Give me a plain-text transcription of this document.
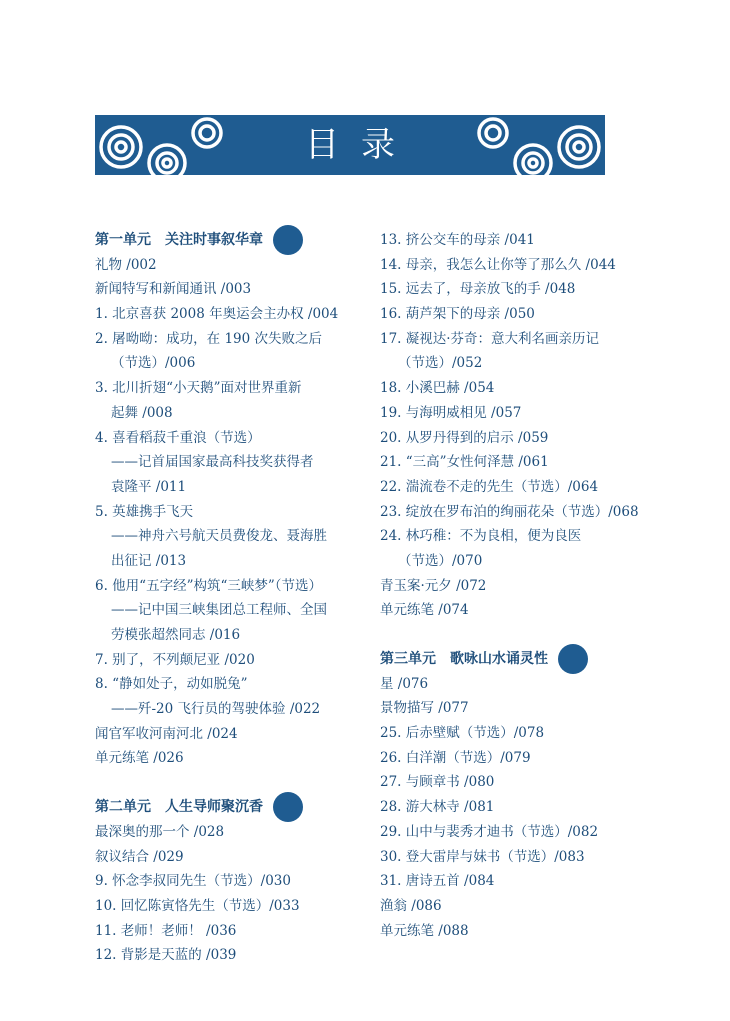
目录
第一单元 关注时事叙华章
礼物 /002
新闻特写和新闻通讯 /003
1. 北京喜获 2008 年奥运会主办权 /004
2. 屠呦呦：成功，在 190 次失败之后
（节选）/006
3. 北川折翅“小天鹅”面对世界重新
起舞 /008
4. 喜看稻菽千重浪（节选）
——记首届国家最高科技奖获得者
袁隆平 /011
5. 英雄携手飞天
——神舟六号航天员费俊龙、聂海胜
出征记 /013
6. 他用“五字经”构筑“三峡梦”（节选）
——记中国三峡集团总工程师、全国
劳模张超然同志 /016
7. 别了，不列颠尼亚 /020
8. “静如处子，动如脱兔”
——歼-20 飞行员的驾驶体验 /022
闻官军收河南河北 /024
单元练笔 /026
第二单元 人生导师聚沉香
最深奥的那一个 /028
叙议结合 /029
9. 怀念李叔同先生（节选）/030
10. 回忆陈寅恪先生（节选）/033
11. 老师！老师！ /036
12. 背影是天蓝的 /039
13. 挤公交车的母亲 /041
14. 母亲，我怎么让你等了那么久 /044
15. 远去了，母亲放飞的手 /048
16. 葫芦架下的母亲 /050
17. 凝视达·芬奇：意大利名画亲历记
（节选）/052
18. 小溪巴赫 /054
19. 与海明威相见 /057
20. 从罗丹得到的启示 /059
21. “三高”女性何泽慧 /061
22. 湍流卷不走的先生（节选）/064
23. 绽放在罗布泊的绚丽花朵（节选）/068
24. 林巧稚：不为良相，便为良医
（节选）/070
青玉案·元夕 /072
单元练笔 /074
第三单元 歌咏山水诵灵性
星 /076
景物描写 /077
25. 后赤壁赋（节选）/078
26. 白洋潮（节选）/079
27. 与顾章书 /080
28. 游大林寺 /081
29. 山中与裴秀才迪书（节选）/082
30. 登大雷岸与妹书（节选）/083
31. 唐诗五首 /084
渔翁 /086
单元练笔 /088
